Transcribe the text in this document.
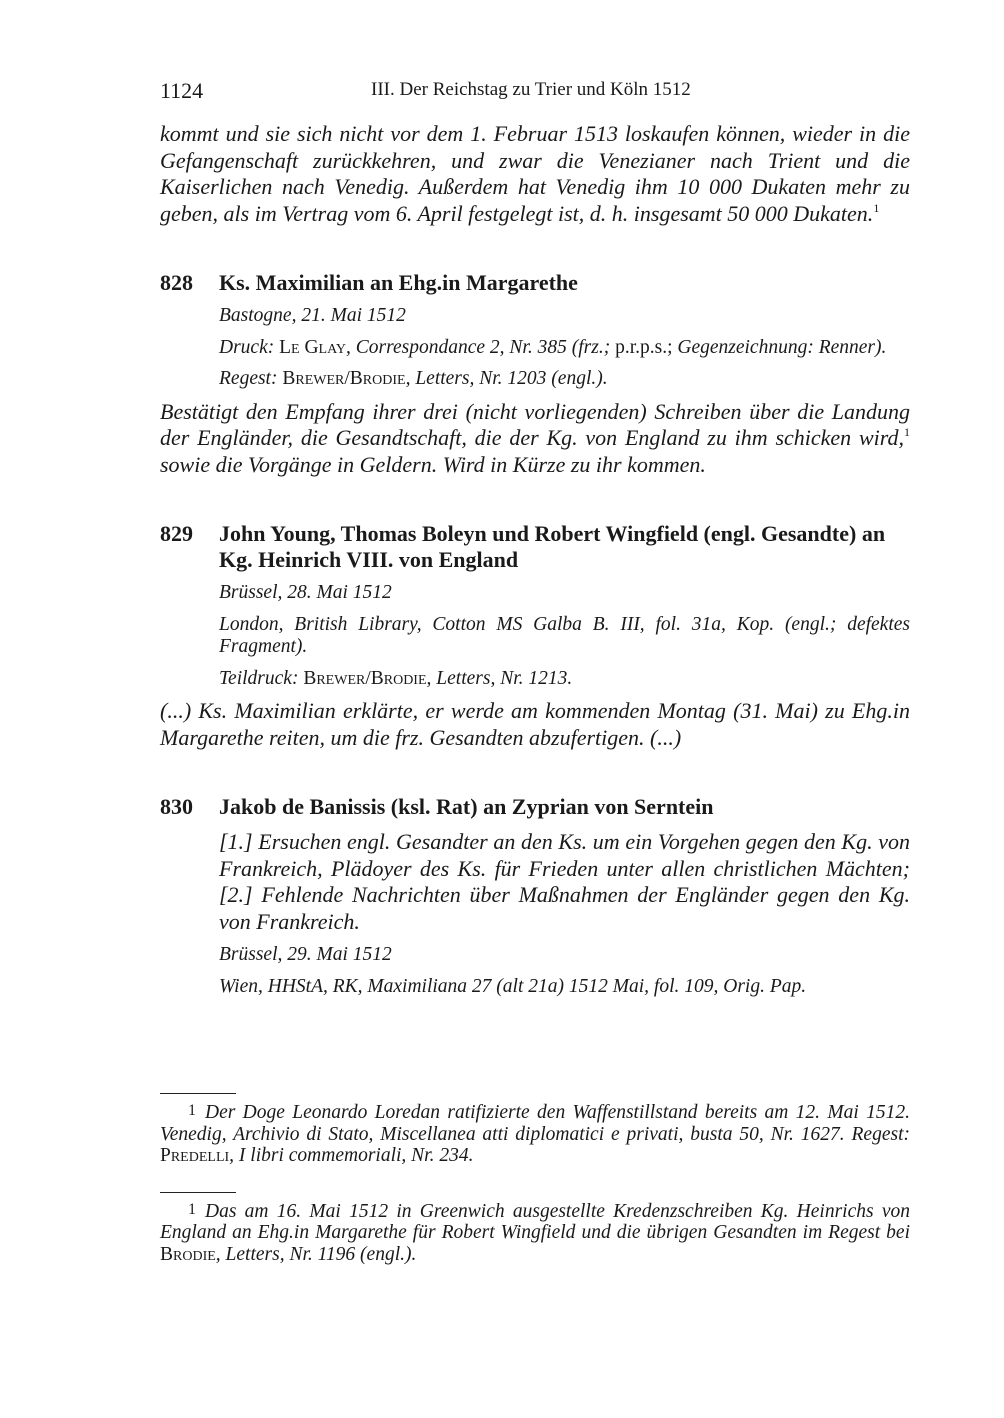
1124	III. Der Reichstag zu Trier und Köln 1512

kommt und sie sich nicht vor dem 1. Februar 1513 loskaufen können, wieder in die Gefangenschaft zurückkehren, und zwar die Venezianer nach Trient und die Kaiserlichen nach Venedig. Außerdem hat Venedig ihm 10 000 Dukaten mehr zu geben, als im Vertrag vom 6. April festgelegt ist, d. h. insgesamt 50 000 Dukaten.$^1$

828	Ks. Maximilian an Ehg.in Margarethe

Bastogne, 21. Mai 1512

Druck: Le Glay, Correspondance 2, Nr. 385 (frz.; p.r.p.s.; Gegenzeichnung: Renner).

Regest: Brewer/Brodie, Letters, Nr. 1203 (engl.).

Bestätigt den Empfang ihrer drei (nicht vorliegenden) Schreiben über die Landung der Engländer, die Gesandtschaft, die der Kg. von England zu ihm schicken wird,$^1$ sowie die Vorgänge in Geldern. Wird in Kürze zu ihr kommen.

829	John Young, Thomas Boleyn und Robert Wingfield (engl. Gesandte) an Kg. Heinrich VIII. von England

Brüssel, 28. Mai 1512

London, British Library, Cotton MS Galba B. III, fol. 31a, Kop. (engl.; defektes Fragment).

Teildruck: Brewer/Brodie, Letters, Nr. 1213.

(...) Ks. Maximilian erklärte, er werde am kommenden Montag (31. Mai) zu Ehg.in Margarethe reiten, um die frz. Gesandten abzufertigen. (...)

830	Jakob de Banissis (ksl. Rat) an Zyprian von Serntein

[1.] Ersuchen engl. Gesandter an den Ks. um ein Vorgehen gegen den Kg. von Frankreich, Plädoyer des Ks. für Frieden unter allen christlichen Mächten; [2.] Fehlende Nachrichten über Maßnahmen der Engländer gegen den Kg. von Frankreich.

Brüssel, 29. Mai 1512

Wien, HHStA, RK, Maximiliana 27 (alt 21a) 1512 Mai, fol. 109, Orig. Pap.

1 Der Doge Leonardo Loredan ratifizierte den Waffenstillstand bereits am 12. Mai 1512. Venedig, Archivio di Stato, Miscellanea atti diplomatici e privati, busta 50, Nr. 1627. Regest: Predelli, I libri commemoriali, Nr. 234.

1 Das am 16. Mai 1512 in Greenwich ausgestellte Kredenzschreiben Kg. Heinrichs von England an Ehg.in Margarethe für Robert Wingfield und die übrigen Gesandten im Regest bei Brodie, Letters, Nr. 1196 (engl.).
